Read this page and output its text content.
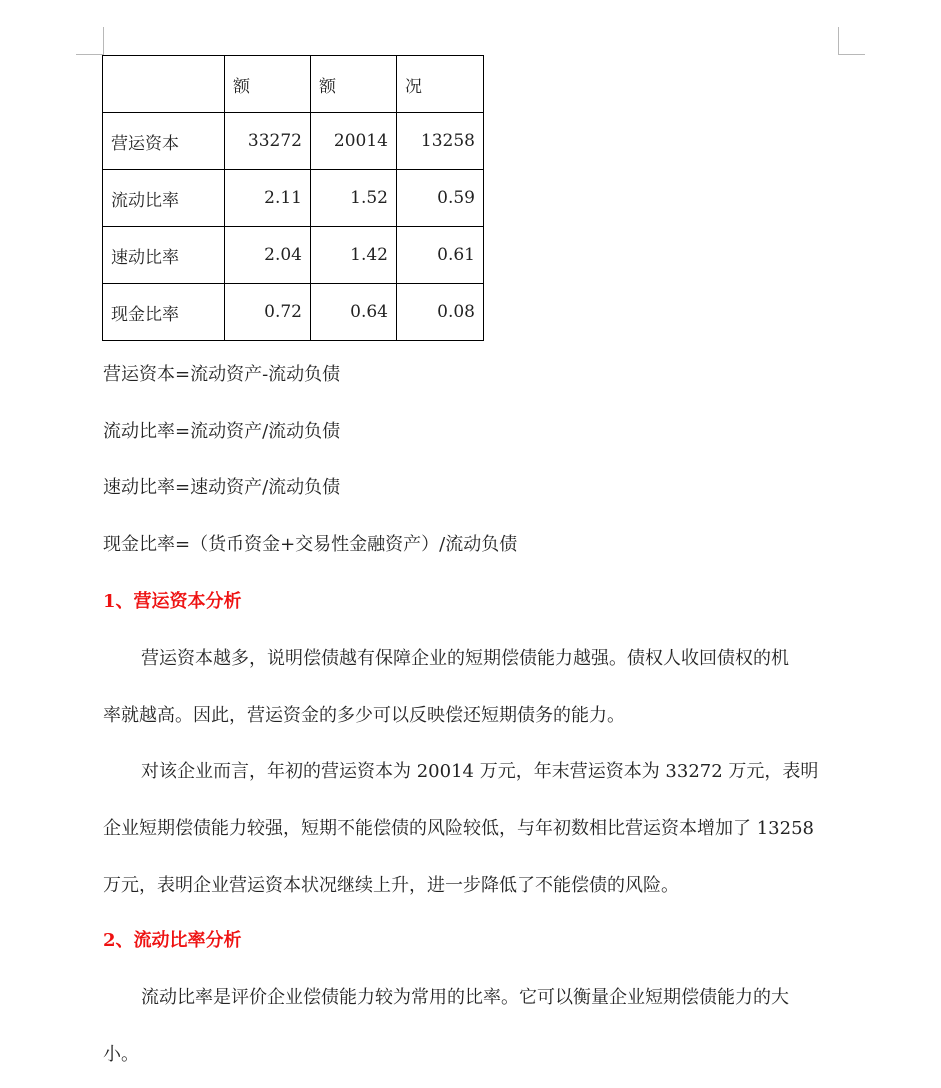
	额	额	况
营运资本	33272	20014	13258
流动比率	2.11	1.52	0.59
速动比率	2.04	1.42	0.61
现金比率	0.72	0.64	0.08
营运资本=流动资产-流动负债
流动比率=流动资产/流动负债
速动比率=速动资产/流动负债
现金比率=（货币资金+交易性金融资产）/流动负债
1、营运资本分析
营运资本越多，说明偿债越有保障企业的短期偿债能力越强。债权人收回债权的机
率就越高。因此，营运资金的多少可以反映偿还短期债务的能力。
对该企业而言，年初的营运资本为 20014 万元，年末营运资本为 33272 万元，表明
企业短期偿债能力较强，短期不能偿债的风险较低，与年初数相比营运资本增加了 13258
万元，表明企业营运资本状况继续上升，进一步降低了不能偿债的风险。
2、流动比率分析
流动比率是评价企业偿债能力较为常用的比率。它可以衡量企业短期偿债能力的大
小。
